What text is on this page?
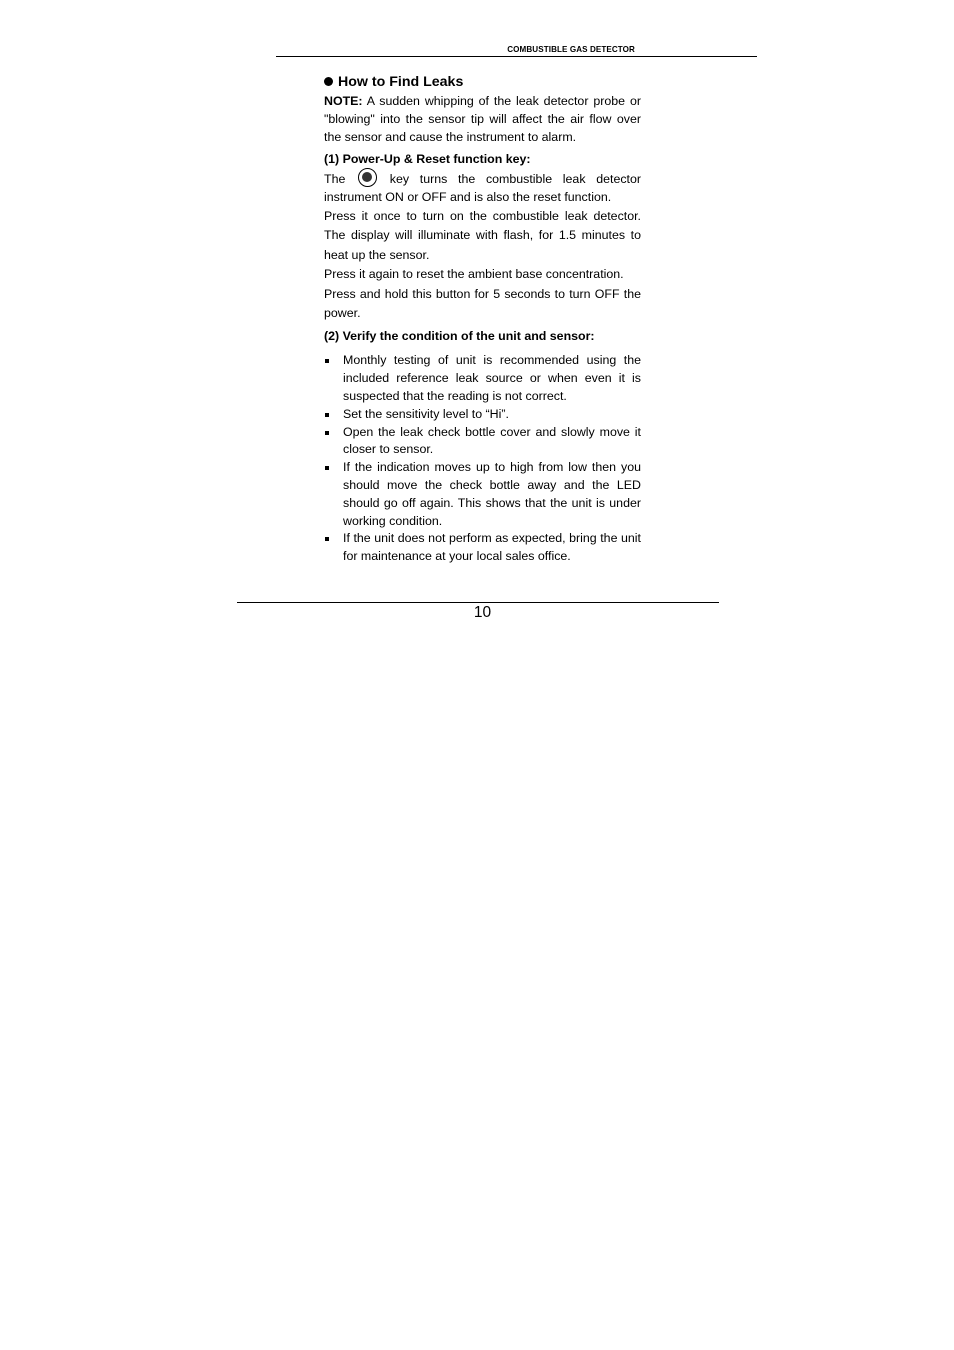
COMBUSTIBLE GAS DETECTOR
How to Find Leaks

NOTE: A sudden whipping of the leak detector probe or "blowing" into the sensor tip will affect the air flow over the sensor and cause the instrument to alarm.

(1) Power-Up & Reset function key:

The	key turns the combustible leak detector instrument ON or OFF and is also the reset function.

Press it once to turn on the combustible leak detector. The display will illuminate with flash, for 1.5 minutes to heat up the sensor.

Press it again to reset the ambient base concentration.

Press and hold this button for 5 seconds to turn OFF the power.

(2) Verify the condition of the unit and sensor:

Monthly testing of unit is recommended using the included reference leak source or when even it is suspected that the reading is not correct.
Set the sensitivity level to “Hi”.
Open the leak check bottle cover and slowly move it closer to sensor.
If the indication moves up to high from low then you should move the check bottle away and the LED should go off again. This shows that the unit is under working condition.
If the unit does not perform as expected, bring the unit for maintenance at your local sales office.
10
